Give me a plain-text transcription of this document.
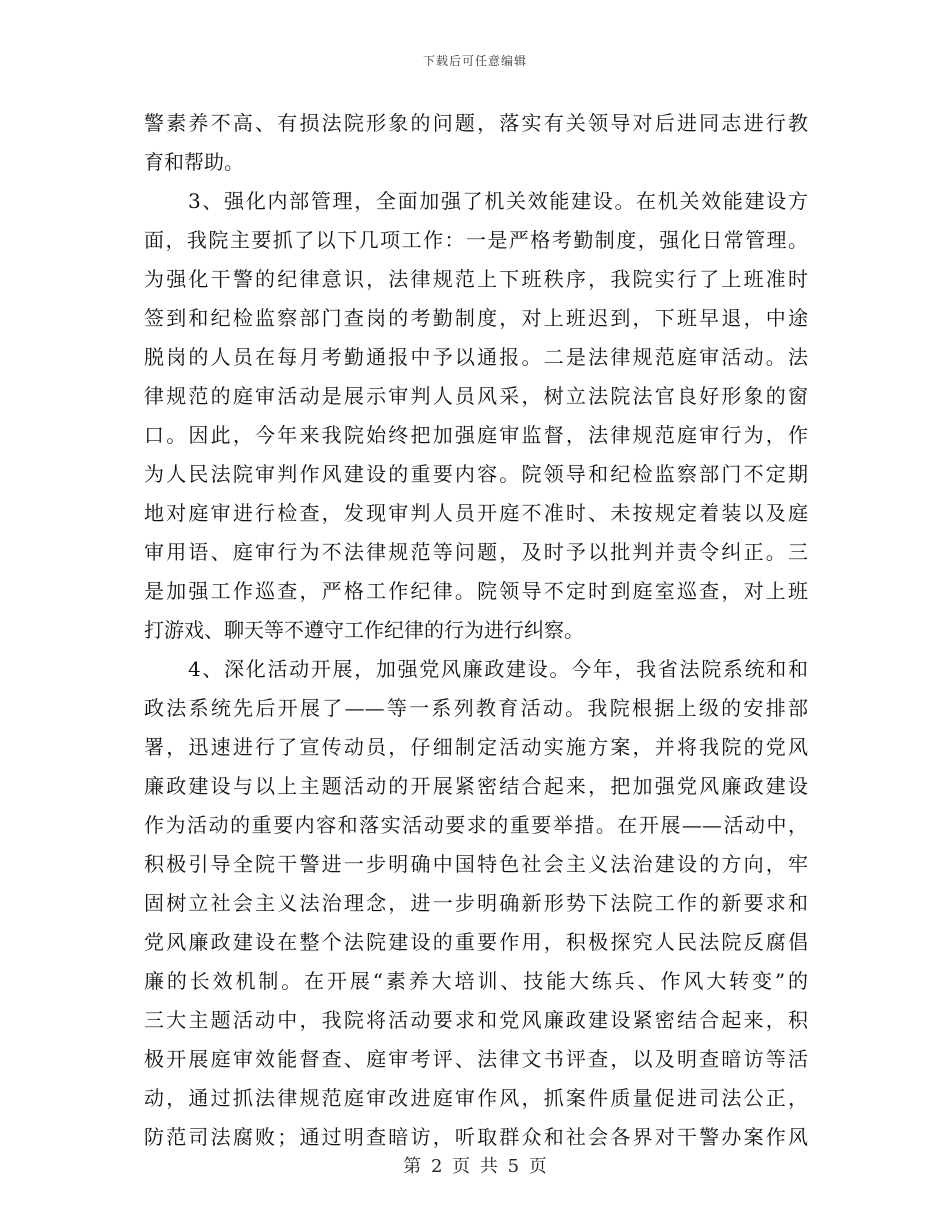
下载后可任意编辑
警素养不高、有损法院形象的问题，落实有关领导对后进同志进行教
育和帮助。
3、强化内部管理，全面加强了机关效能建设。在机关效能建设方
面，我院主要抓了以下几项工作：一是严格考勤制度，强化日常管理。
为强化干警的纪律意识，法律规范上下班秩序，我院实行了上班准时
签到和纪检监察部门查岗的考勤制度，对上班迟到，下班早退，中途
脱岗的人员在每月考勤通报中予以通报。二是法律规范庭审活动。法
律规范的庭审活动是展示审判人员风采，树立法院法官良好形象的窗
口。因此，今年来我院始终把加强庭审监督，法律规范庭审行为，作
为人民法院审判作风建设的重要内容。院领导和纪检监察部门不定期
地对庭审进行检查，发现审判人员开庭不准时、未按规定着装以及庭
审用语、庭审行为不法律规范等问题，及时予以批判并责令纠正。三
是加强工作巡查，严格工作纪律。院领导不定时到庭室巡查，对上班
打游戏、聊天等不遵守工作纪律的行为进行纠察。
4、深化活动开展，加强党风廉政建设。今年，我省法院系统和和
政法系统先后开展了——等一系列教育活动。我院根据上级的安排部
署，迅速进行了宣传动员，仔细制定活动实施方案，并将我院的党风
廉政建设与以上主题活动的开展紧密结合起来，把加强党风廉政建设
作为活动的重要内容和落实活动要求的重要举措。在开展——活动中，
积极引导全院干警进一步明确中国特色社会主义法治建设的方向，牢
固树立社会主义法治理念，进一步明确新形势下法院工作的新要求和
党风廉政建设在整个法院建设的重要作用，积极探究人民法院反腐倡
廉的长效机制。在开展“素养大培训、技能大练兵、作风大转变”的
三大主题活动中，我院将活动要求和党风廉政建设紧密结合起来，积
极开展庭审效能督查、庭审考评、法律文书评查，以及明查暗访等活
动，通过抓法律规范庭审改进庭审作风，抓案件质量促进司法公正，
防范司法腐败；通过明查暗访，听取群众和社会各界对干警办案作风
第 2 页 共 5 页
